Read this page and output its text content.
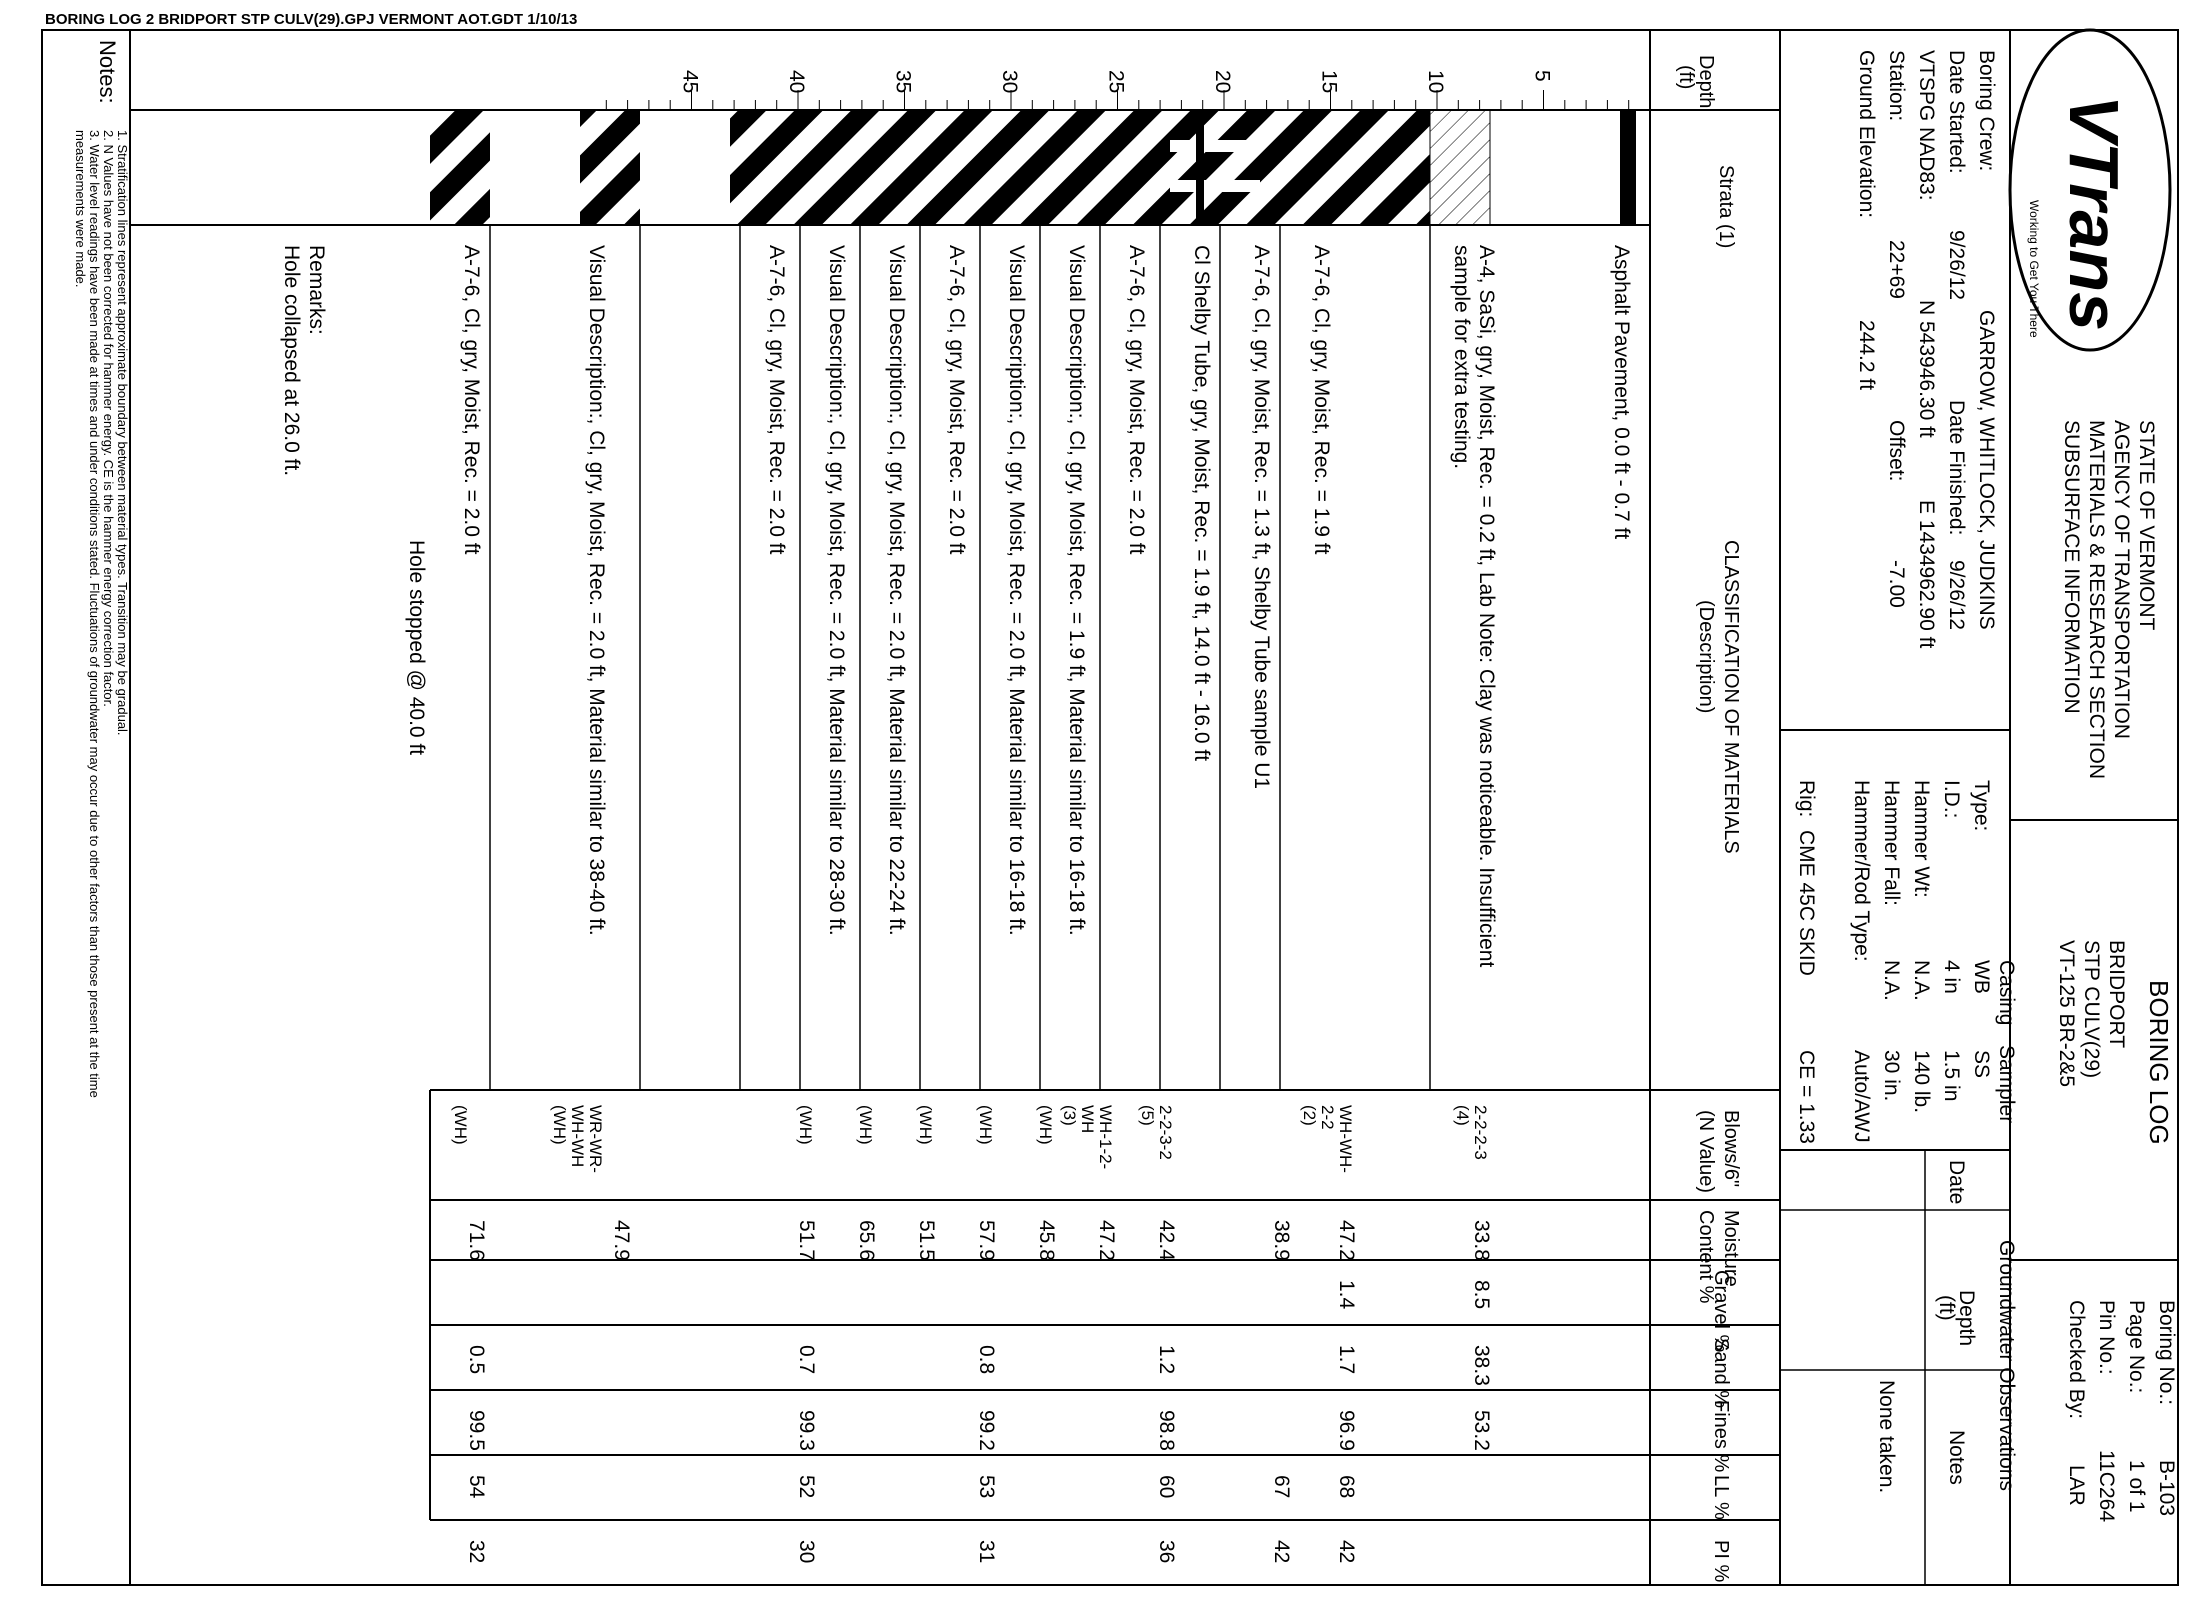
BORING LOG 2 BRIDPORT STP CULV(29).GPJ VERMONT AOT.GDT 1/10/13
5
10
15
20
25
30
35
40
45	Depth
(ft)
Strata (1)
CLASSIFICATION OF MATERIALS
(Description)
Blows/6"
(N Value)
Moisture
Content %
Gravel %
Sand %
Fines %
LL %
PI %
Asphalt Pavement, 0.0 ft - 0.7 ft
A-4, SaSi, gry, Moist, Rec. = 0.2 ft, Lab Note: Clay was noticeable. Insufficient
sample for extra testing.
A-7-6, Cl, gry, Moist, Rec. = 1.9 ft
A-7-6, Cl, gry, Moist, Rec. = 1.3 ft, Shelby Tube sample U1
Cl Shelby Tube, gry, Moist, Rec. = 1.9 ft, 14.0 ft - 16.0 ft
A-7-6, Cl, gry, Moist, Rec. = 2.0 ft
Visual Description:, Cl, gry, Moist, Rec. = 1.9 ft, Material similar to 16-18 ft.
Visual Description:, Cl, gry, Moist, Rec. = 2.0 ft, Material similar to 16-18 ft.
A-7-6, Cl, gry, Moist, Rec. = 2.0 ft
Visual Description:, Cl, gry, Moist, Rec. = 2.0 ft, Material similar to 22-24 ft.
Visual Description:, Cl, gry, Moist, Rec. = 2.0 ft, Material similar to 28-30 ft.
A-7-6, Cl, gry, Moist, Rec. = 2.0 ft
Visual Description:, Cl, gry, Moist, Rec. = 2.0 ft, Material similar to 38-40 ft.
A-7-6, Cl, gry, Moist, Rec. = 2.0 ft
Remarks:
Hole collapsed at 26.0 ft.
Hole stopped @ 40.0 ft
2-2-2-3
(4)
WH-WH-
2-2
(2)
2-2-3-2
(5)
WH-1-2-
WH
(3)
(WH)
(WH)
(WH)
(WH)
(WH)
WR-WR-
WH-WH
(WH)
(WH)
33.8
47.2
38.9
42.4
47.2
45.8
57.9
51.5
65.6
51.7
47.9
71.6
8.5
1.4
38.3
1.7
1.2
0.8
0.7
0.5
53.2
96.9
98.8
99.2
99.3
99.5
68
67
60
53
52
54
42
42
36
31
30
32
Notes:
1. Stratification lines represent approximate boundary between material types. Transition may be gradual.
2. N Values have not been corrected for hammer energy. CE is the hammer energy correction factor.
3. Water level readings have been made at times and under conditions stated. Fluctuations of groundwater may occur due to other factors than those present at the time
measurements were made.
Boring Crew:
GARROW, WHITLOCK, JUDKINS
Date Started:
9/26/12
Date Finished:
9/26/12
VTSPG NAD83:
N 543946.30 ft
E 1434962.90 ft
Station:
22+69
Offset:
-7.00
Ground Elevation:
244.2 ft
Casing
Sampler
Rig:
CME 45C SKID
CE = 1.33
Type:
WB
SS
I.D.:
4 in
1.5 in
Hammer Wt:
N.A.
140 lb.
Hammer Fall:
N.A.
30 in.
Hammer/Rod Type:
Auto/AWJ
Groundwater Observations
Date
Depth
(ft)
Notes
None taken.
VTrans
Working to Get You There
STATE OF VERMONT
AGENCY OF TRANSPORTATION
MATERIALS & RESEARCH SECTION
SUBSURFACE INFORMATION
BORING LOG
BRIDPORT
STP CULV(29)
VT-125 BR-2&5
Boring No.:
B-103
Page No.:
1 of 1
Pin No.:
11C264
Checked By:
LAR
